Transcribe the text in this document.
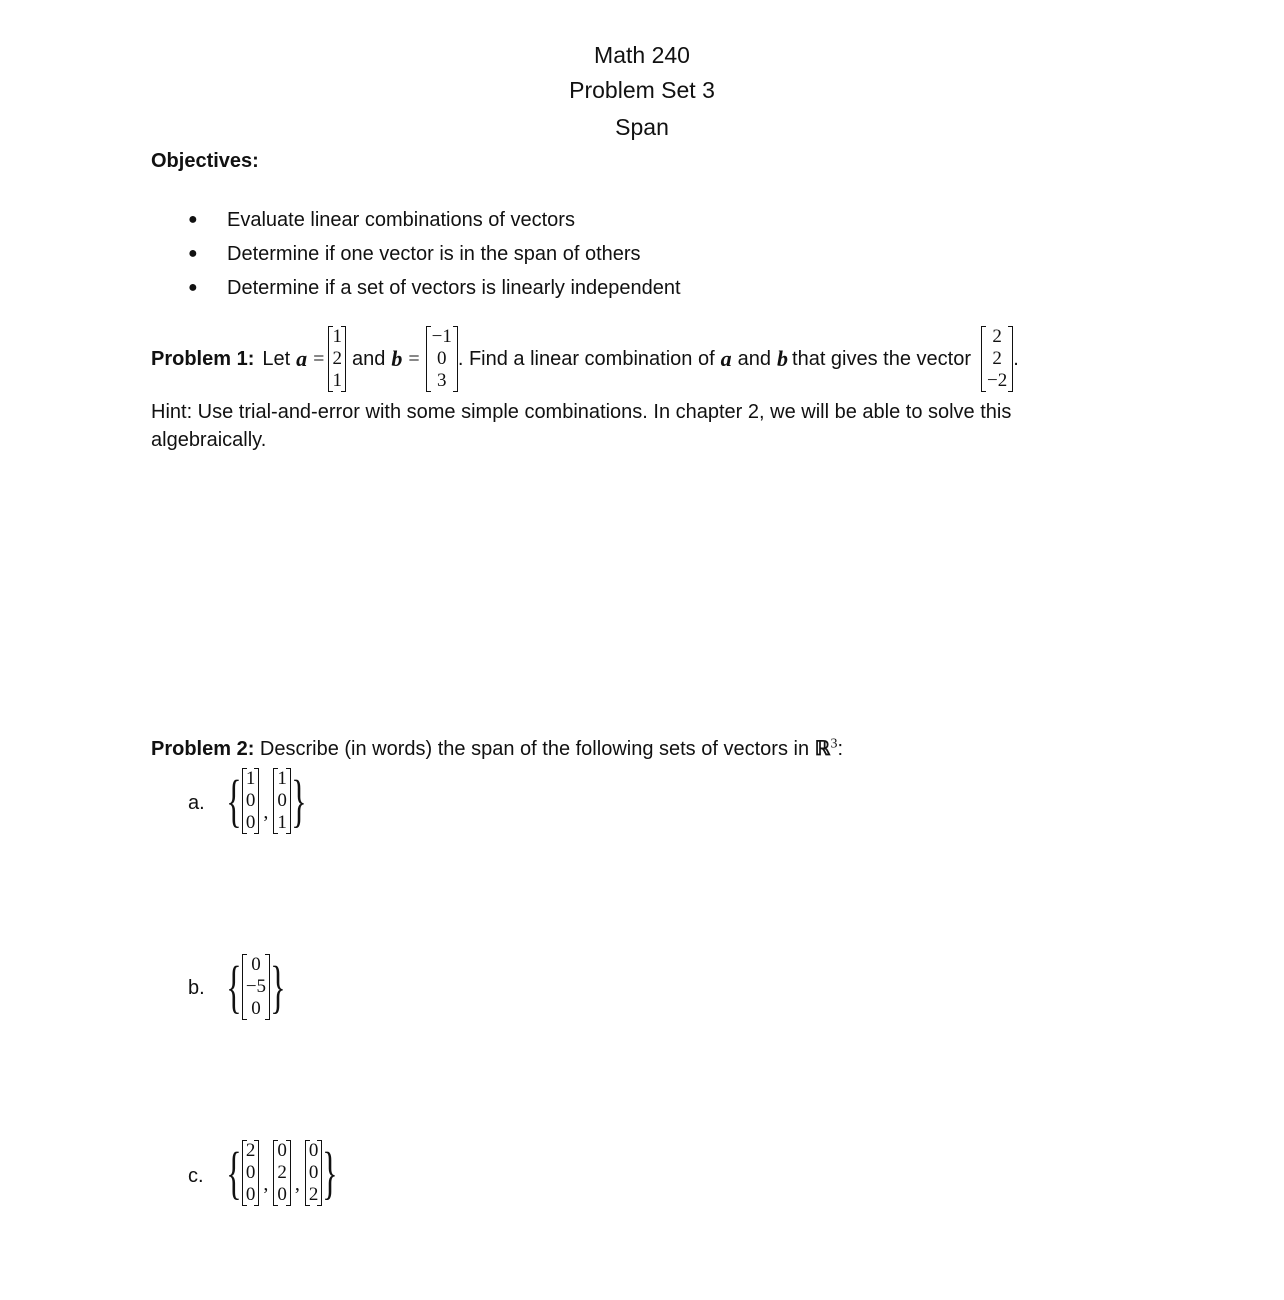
Math 240
Problem Set 3
Span
Objectives:
●	Evaluate linear combinations of vectors
●	Determine if one vector is in the span of others
●	Determine if a set of vectors is linearly independent
Problem 1: Let a =
1
2
1
and b =
−1
0
3
. Find a linear combination of a and b that gives the vector
2
2
−2
.
Hint: Use trial-and-error with some simple combinations. In chapter 2, we will be able to solve this
algebraically.
Problem 2: Describe (in words) the span of the following sets of vectors in ℝ$^3$:
a. { 1
0
0 ,
1
0
1 }
b. { 0
−5
0 }
c. { 2
0
0 ,
0
2
0 ,
0
0
2 }
